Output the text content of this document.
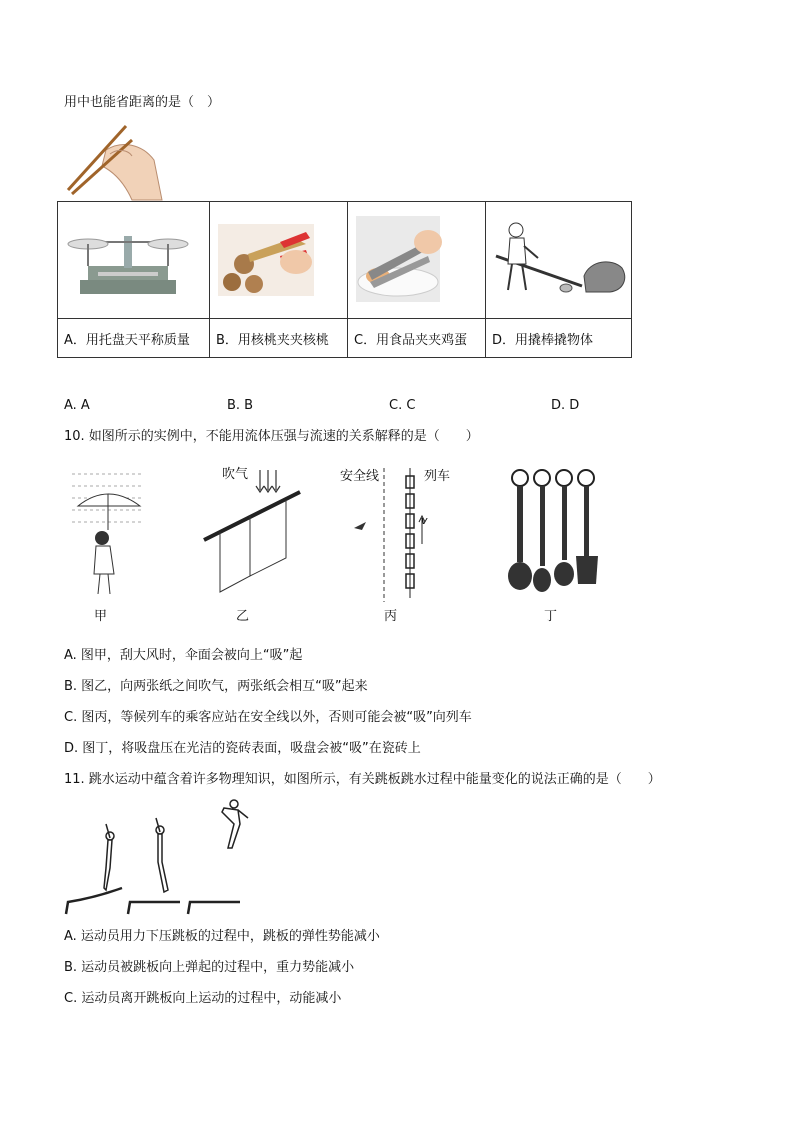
用中也能省距离的是（　）

A．用托盘天平称质量	B．用核桃夹夹核桃	C．用食品夹夹鸡蛋	D．用撬棒撬物体
A. A	B. B	C. C	D. D
10. 如图所示的实例中，不能用流体压强与流速的关系解释的是（　　）
甲
吹气
乙
安全线	列车
v
丙	丁
A. 图甲，刮大风时，伞面会被向上“吸”起
B. 图乙，向两张纸之间吹气，两张纸会相互“吸”起来
C. 图丙，等候列车的乘客应站在安全线以外，否则可能会被“吸”向列车
D. 图丁，将吸盘压在光洁的瓷砖表面，吸盘会被“吸”在瓷砖上
11. 跳水运动中蕴含着许多物理知识，如图所示，有关跳板跳水过程中能量变化的说法正确的是（　　）
A. 运动员用力下压跳板的过程中，跳板的弹性势能减小
B. 运动员被跳板向上弹起的过程中，重力势能减小
C. 运动员离开跳板向上运动的过程中，动能减小
